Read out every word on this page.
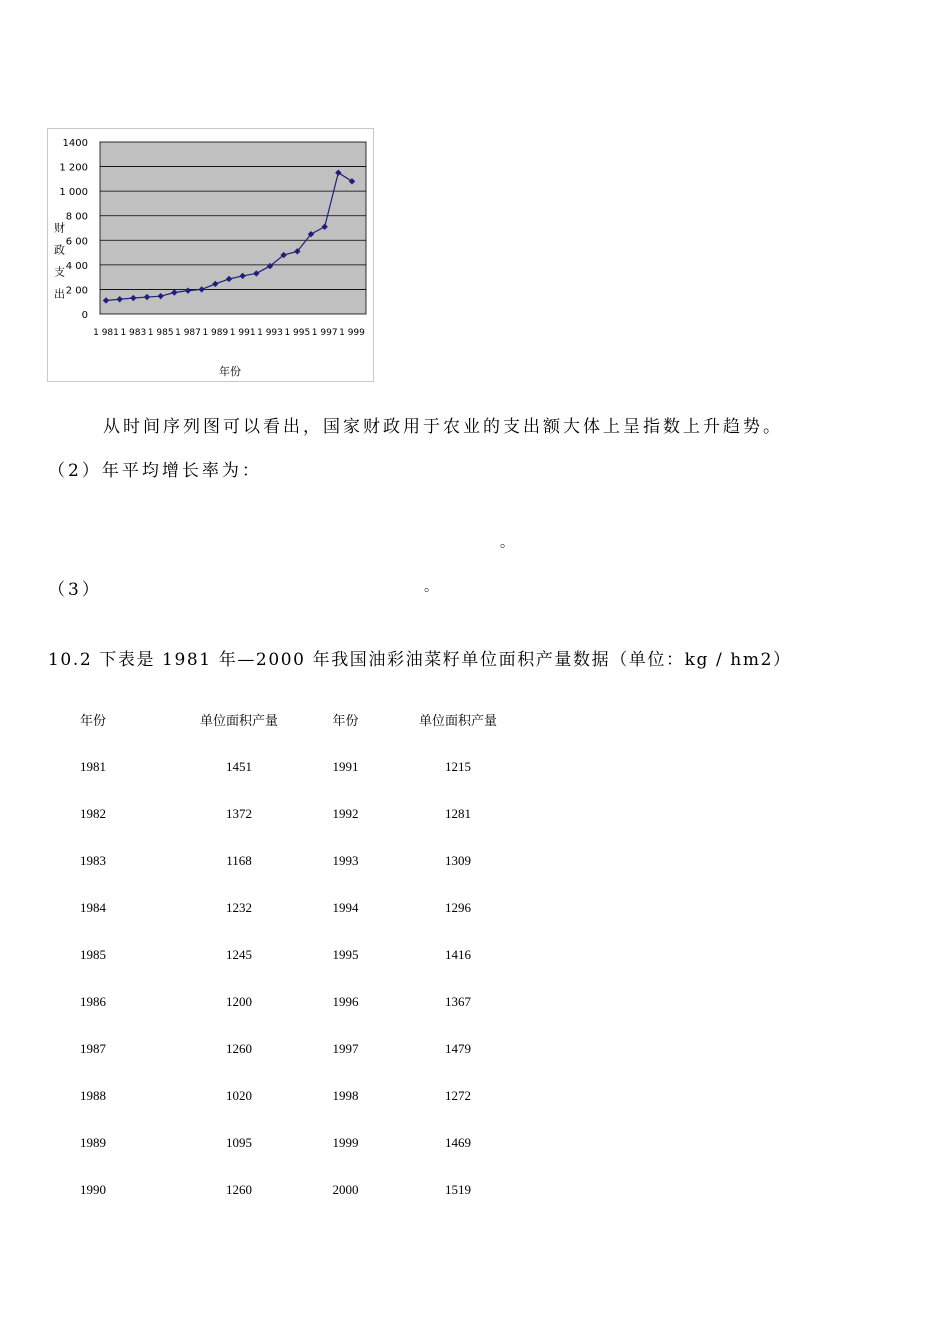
0
2 00
4 00
6 00
8 00
1 000
1 200
1400
1 981 1 983 1 985 1 987 1 989 1 991 1 993 1 995 1 997 1 999
财政支出
年份
从时间序列图可以看出，国家财政用于农业的支出额大体上呈指数上升趋势。
（2）年平均增长率为：
。
（3）	。
10.2 下表是 1981 年—2000 年我国油彩油菜籽单位面积产量数据（单位：kg / hm2）
年份	单位面积产量	年份	单位面积产量
1981	1451	1991	1215
1982	1372	1992	1281
1983	1168	1993	1309
1984	1232	1994	1296
1985	1245	1995	1416
1986	1200	1996	1367
1987	1260	1997	1479
1988	1020	1998	1272
1989	1095	1999	1469
1990	1260	2000	1519
